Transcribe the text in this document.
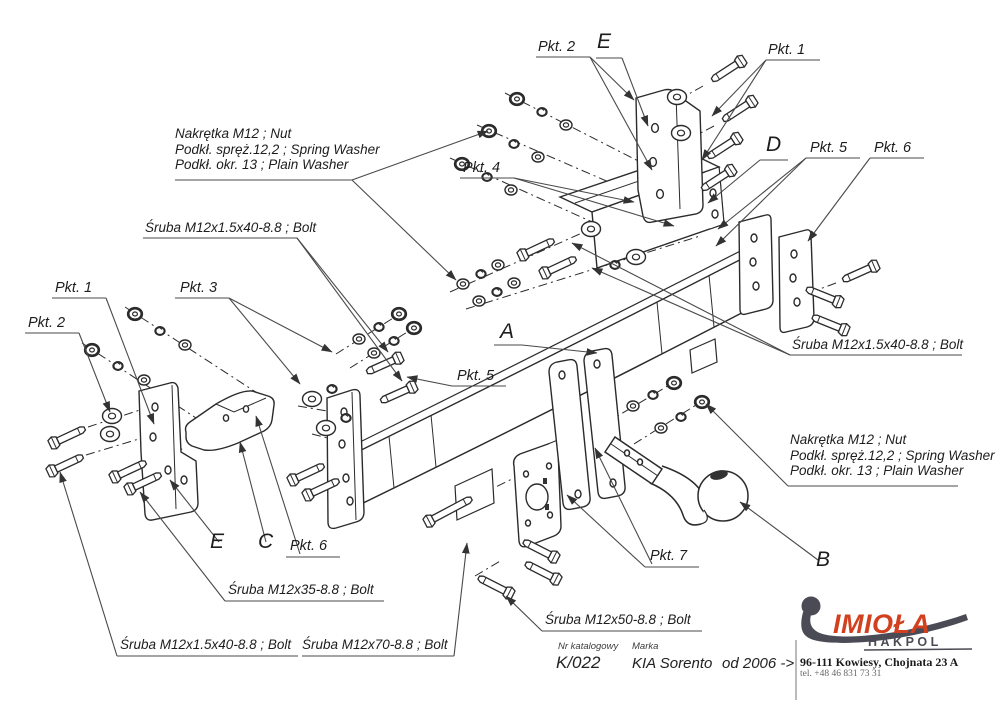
IMIOŁA
HAKPOL
Nakrętka M12 ; Nut
Podkł. spręż.12,2 ; Spring Washer
Podkł. okr. 13 ; Plain Washer
Śruba M12x1.5x40-8.8 ; Bolt
Pkt. 2 E	Pkt. 1
D Pkt. 5 Pkt. 6
Pkt. 4
Pkt. 1	Pkt. 3
Pkt. 2	A
Śruba M12x1.5x40-8.8 ; Bolt
Pkt. 5
Nakrętka M12 ; Nut
Podkł. spręż.12,2 ; Spring Washer
Podkł. okr. 13 ; Plain Washer
E C Pkt. 6
Pkt. 7	B
Śruba M12x35-8.8 ; Bolt
Śruba M12x50-8.8 ; Bolt
Śruba M12x1.5x40-8.8 ; Bolt Śruba M12x70-8.8 ; Bolt	Nr katalogowy
K/022
Marka
KIA Sorento od 2006 -> 96-111 Kowiesy, Chojnata 23 A
tel. +48 46 831 73 31
